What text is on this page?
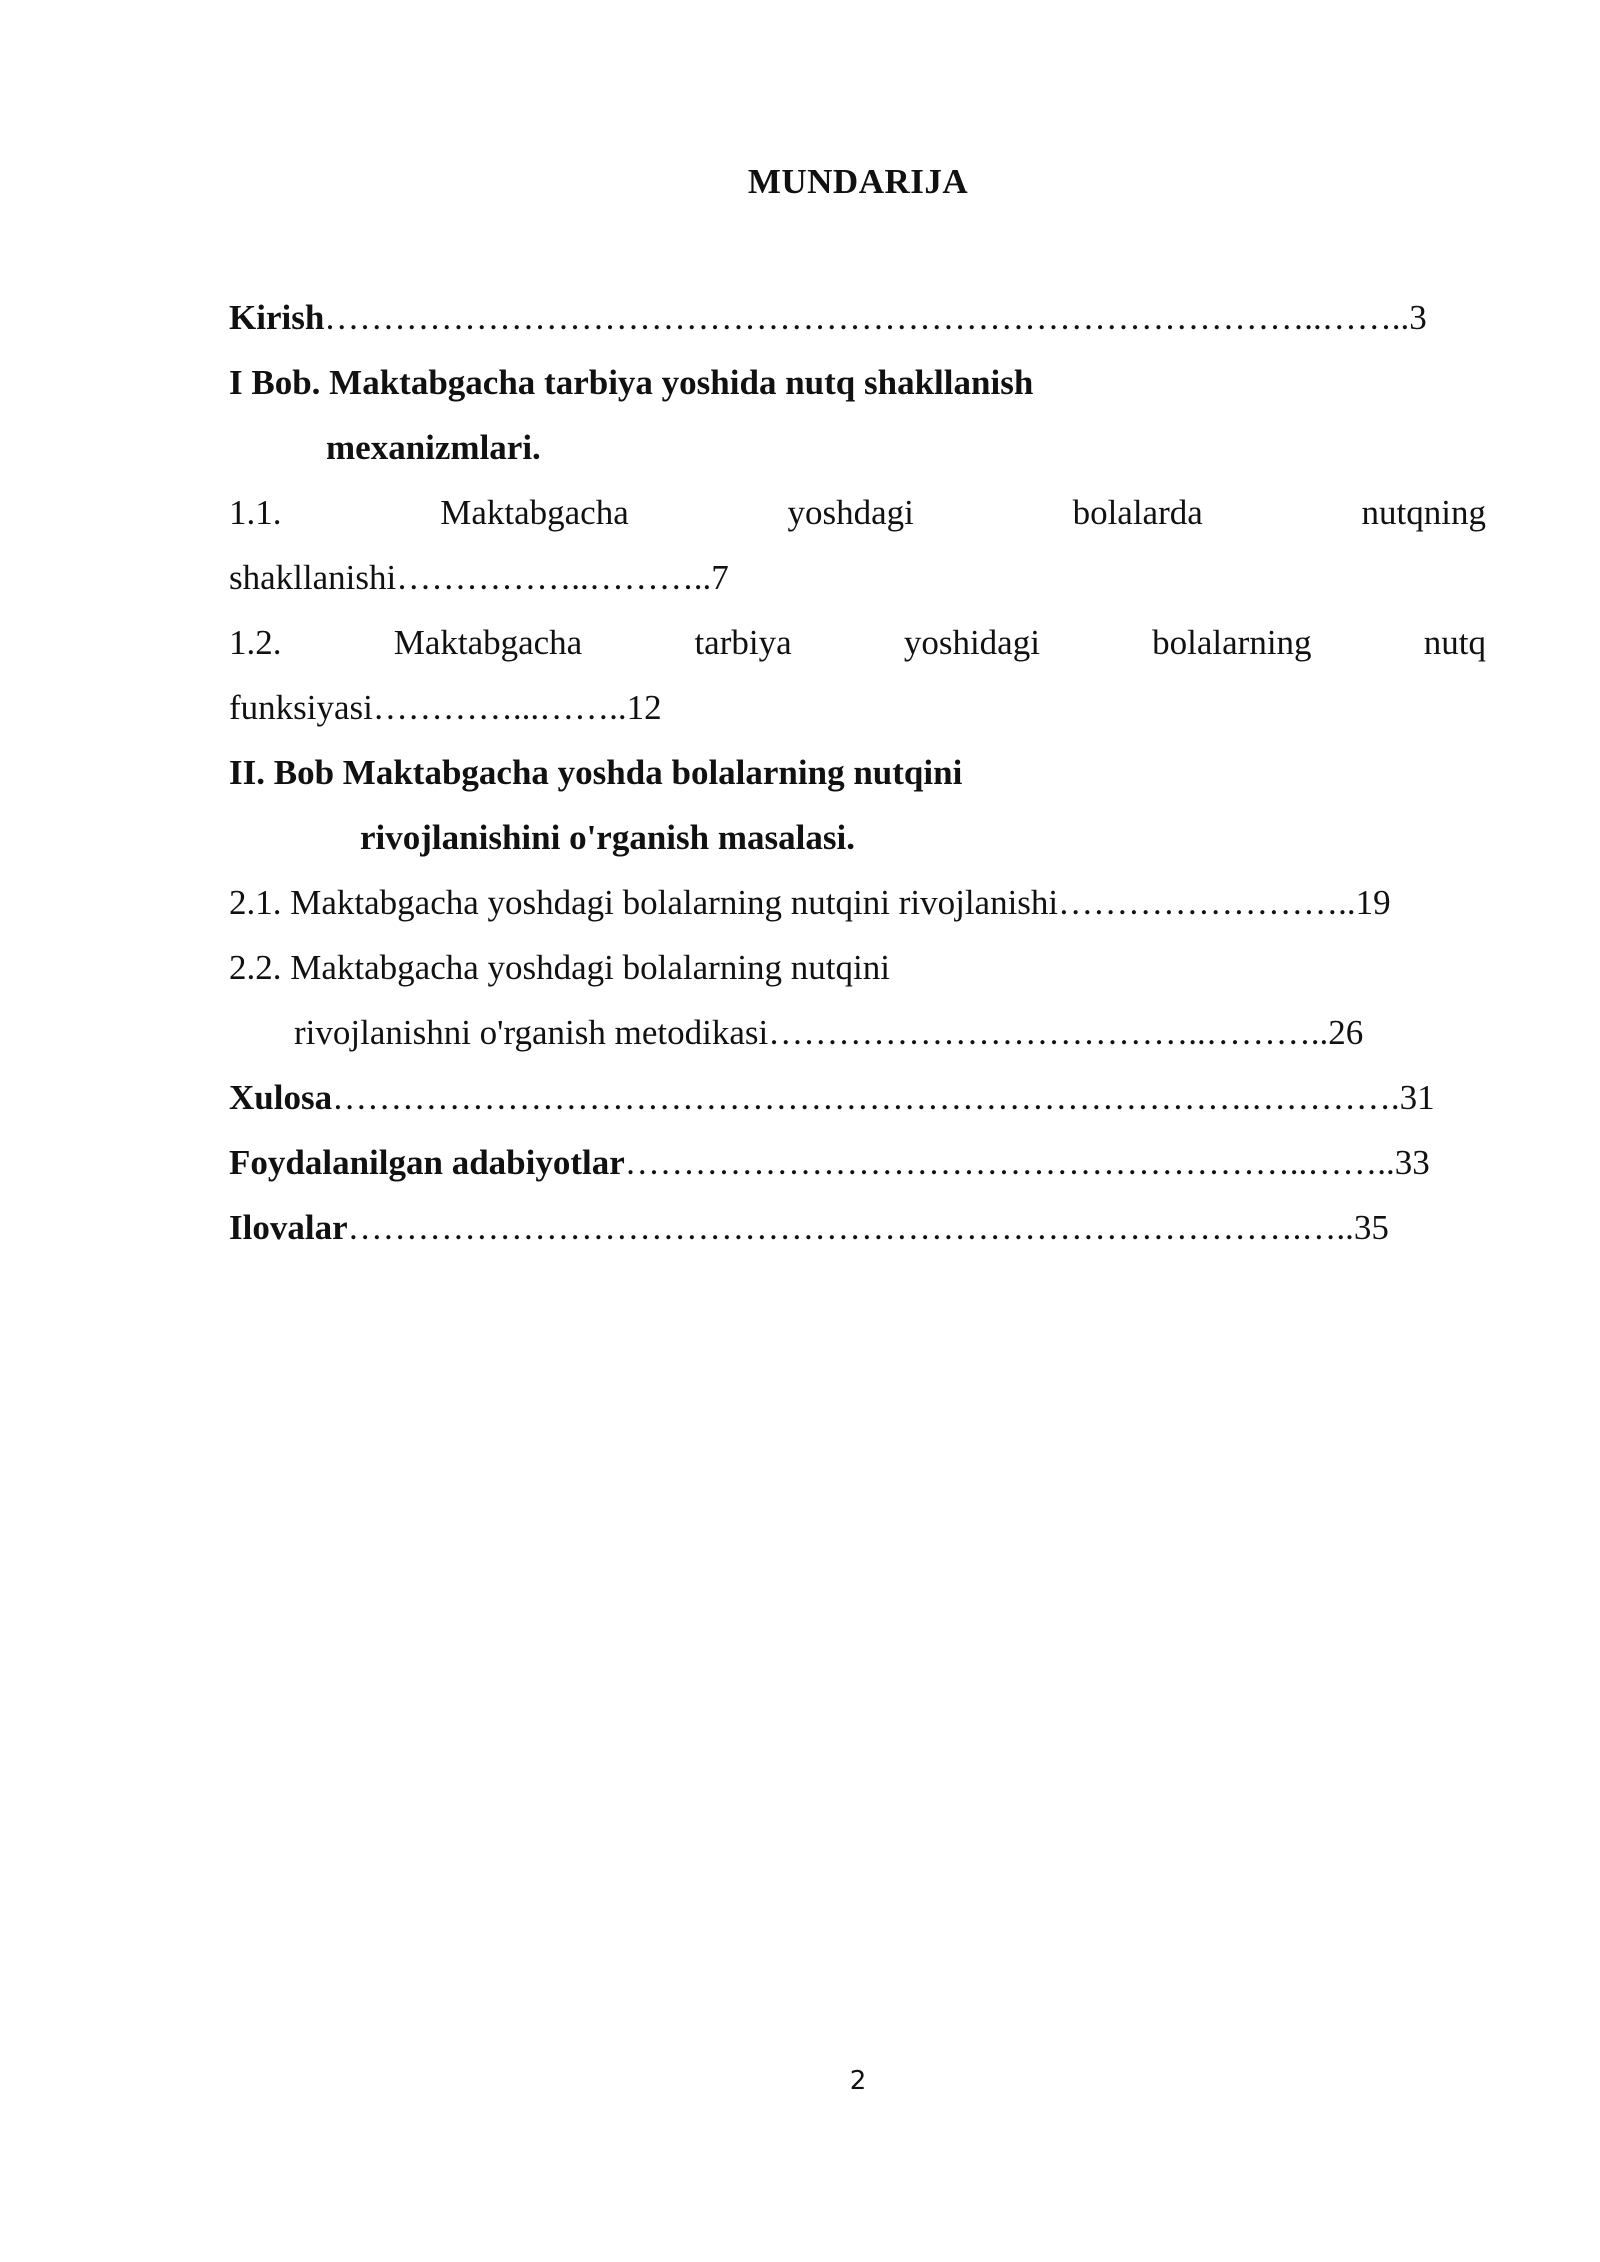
MUNDARIJA
Kirish…………………………………………………………………………..……..3
I Bob. Maktabgacha tarbiya yoshida nutq shakllanish
mexanizmlari.
1.1.	Maktabgacha	yoshdagi	bolalarda	nutqning
shakllanishi……………..………..7
1.2.	Maktabgacha	tarbiya	yoshidagi	bolalarning	nutq
funksiyasi…………...……..12
II. Bob Maktabgacha yoshda bolalarning nutqini
rivojlanishini o'rganish masalasi.
2.1. Maktabgacha yoshdagi bolalarning nutqini rivojlanishi……………………..19
2.2. Maktabgacha yoshdagi bolalarning nutqini
rivojlanishni o'rganish metodikasi………………………………..………..26
Xulosa…………………………………………………………………….………….31
Foydalanilgan adabiyotlar…………………………………………………..……..33
Ilovalar……………………………………………………………………….…..35
2
